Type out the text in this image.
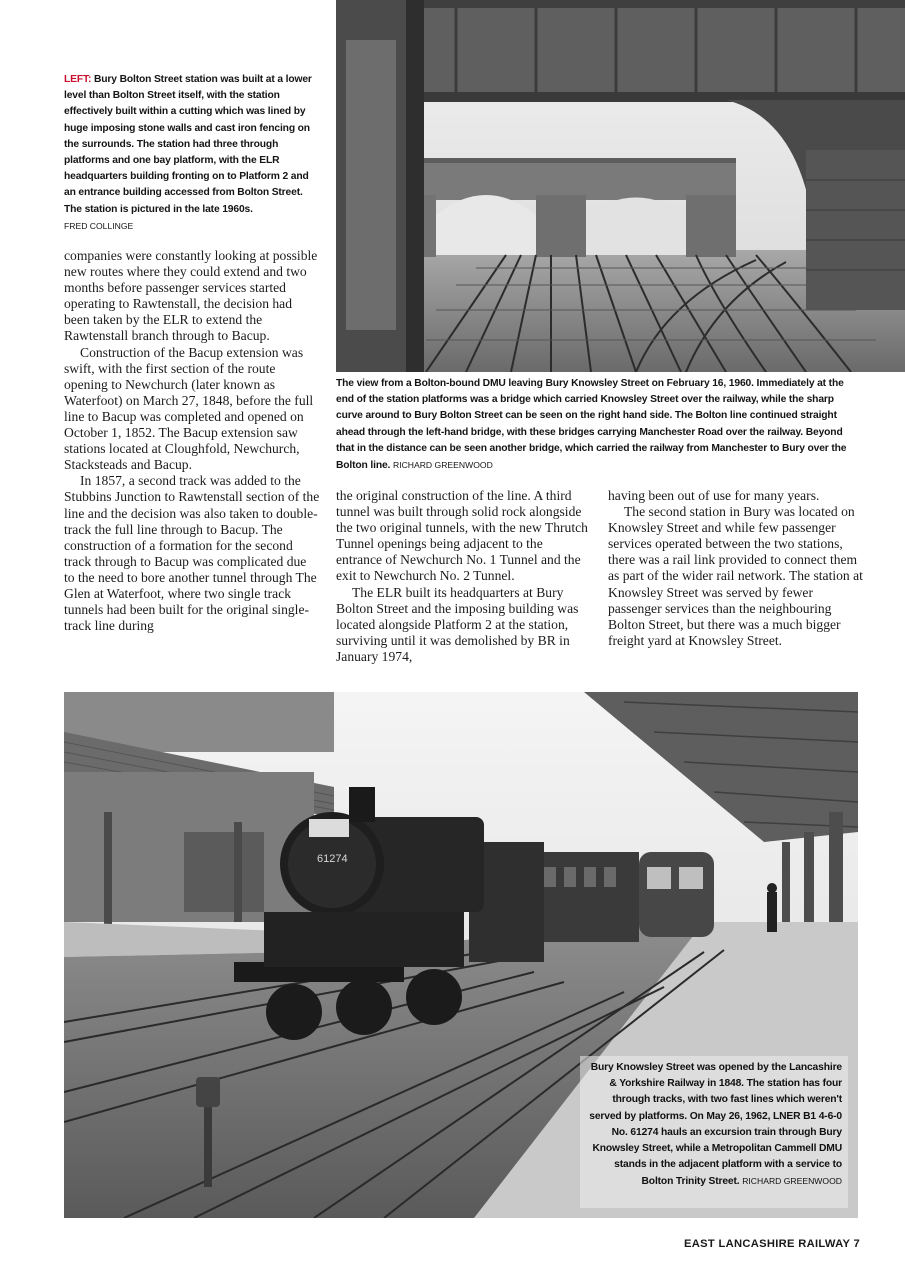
LEFT: Bury Bolton Street station was built at a lower level than Bolton Street itself, with the station effectively built within a cutting which was lined by huge imposing stone walls and cast iron fencing on the surrounds. The station had three through platforms and one bay platform, with the ELR headquarters building fronting on to Platform 2 and an entrance building accessed from Bolton Street. The station is pictured in the late 1960s.
FRED COLLINGE
The view from a Bolton-bound DMU leaving Bury Knowsley Street on February 16, 1960. Immediately at the end of the station platforms was a bridge which carried Knowsley Street over the railway, while the sharp curve around to Bury Bolton Street can be seen on the right hand side. The Bolton line continued straight ahead through the left-hand bridge, with these bridges carrying Manchester Road over the railway. Beyond that in the distance can be seen another bridge, which carried the railway from Manchester to Bury over the Bolton line. RICHARD GREENWOOD

companies were constantly looking at possible new routes where they could extend and two months before passenger services started operating to Rawtenstall, the decision had been taken by the ELR to extend the Rawtenstall branch through to Bacup.

Construction of the Bacup extension was swift, with the first section of the route opening to Newchurch (later known as Waterfoot) on March 27, 1848, before the full line to Bacup was completed and opened on October 1, 1852. The Bacup extension saw stations located at Cloughfold, Newchurch, Stacksteads and Bacup.

In 1857, a second track was added to the Stubbins Junction to Rawtenstall section of the line and the decision was also taken to double-track the full line through to Bacup. The construction of a formation for the second track through to Bacup was complicated due to the need to bore another tunnel through The Glen at Waterfoot, where two single track tunnels had been built for the original single-track line during

the original construction of the line. A third tunnel was built through solid rock alongside the two original tunnels, with the new Thrutch Tunnel openings being adjacent to the entrance of Newchurch No. 1 Tunnel and the exit to Newchurch No. 2 Tunnel.

The ELR built its headquarters at Bury Bolton Street and the imposing building was located alongside Platform 2 at the station, surviving until it was demolished by BR in January 1974,

having been out of use for many years.

The second station in Bury was located on Knowsley Street and while few passenger services operated between the two stations, there was a rail link provided to connect them as part of the wider rail network. The station at Knowsley Street was served by fewer passenger services than the neighbouring Bolton Street, but there was a much bigger freight yard at Knowsley Street.

61274
Bury Knowsley Street was opened by the Lancashire & Yorkshire Railway in 1848. The station has four through tracks, with two fast lines which weren't served by platforms. On May 26, 1962, LNER B1 4-6-0 No. 61274 hauls an excursion train through Bury Knowsley Street, while a Metropolitan Cammell DMU stands in the adjacent platform with a service to Bolton Trinity Street. RICHARD GREENWOOD
EAST LANCASHIRE RAILWAY 7
